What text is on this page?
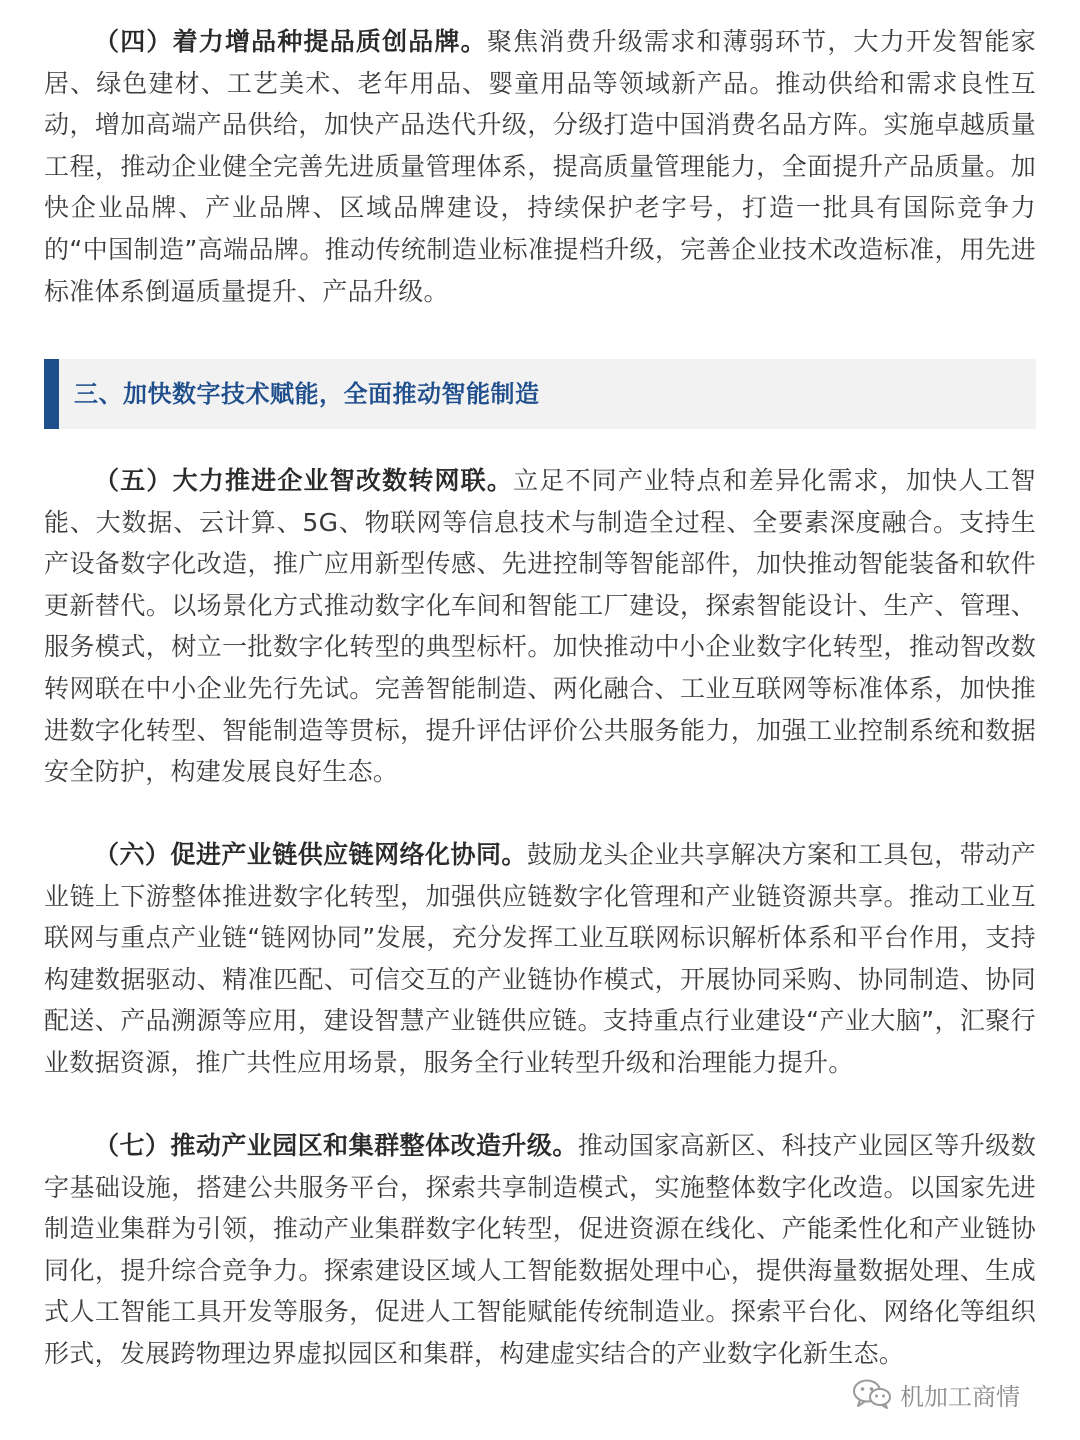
（四）着力增品种提品质创品牌。聚焦消费升级需求和薄弱环节，大力开发智能家居、绿色建材、工艺美术、老年用品、婴童用品等领域新产品。推动供给和需求良性互动，增加高端产品供给，加快产品迭代升级，分级打造中国消费名品方阵。实施卓越质量工程，推动企业健全完善先进质量管理体系，提高质量管理能力，全面提升产品质量。加快企业品牌、产业品牌、区域品牌建设，持续保护老字号，打造一批具有国际竞争力的“中国制造”高端品牌。推动传统制造业标准提档升级，完善企业技术改造标准，用先进标准体系倒逼质量提升、产品升级。

三、加快数字技术赋能，全面推动智能制造

（五）大力推进企业智改数转网联。立足不同产业特点和差异化需求，加快人工智能、大数据、云计算、5G、物联网等信息技术与制造全过程、全要素深度融合。支持生产设备数字化改造，推广应用新型传感、先进控制等智能部件，加快推动智能装备和软件更新替代。以场景化方式推动数字化车间和智能工厂建设，探索智能设计、生产、管理、服务模式，树立一批数字化转型的典型标杆。加快推动中小企业数字化转型，推动智改数转网联在中小企业先行先试。完善智能制造、两化融合、工业互联网等标准体系，加快推进数字化转型、智能制造等贯标，提升评估评价公共服务能力，加强工业控制系统和数据安全防护，构建发展良好生态。

（六）促进产业链供应链网络化协同。鼓励龙头企业共享解决方案和工具包，带动产业链上下游整体推进数字化转型，加强供应链数字化管理和产业链资源共享。推动工业互联网与重点产业链“链网协同”发展，充分发挥工业互联网标识解析体系和平台作用，支持构建数据驱动、精准匹配、可信交互的产业链协作模式，开展协同采购、协同制造、协同配送、产品溯源等应用，建设智慧产业链供应链。支持重点行业建设“产业大脑”，汇聚行业数据资源，推广共性应用场景，服务全行业转型升级和治理能力提升。

（七）推动产业园区和集群整体改造升级。推动国家高新区、科技产业园区等升级数字基础设施，搭建公共服务平台，探索共享制造模式，实施整体数字化改造。以国家先进制造业集群为引领，推动产业集群数字化转型，促进资源在线化、产能柔性化和产业链协同化，提升综合竞争力。探索建设区域人工智能数据处理中心，提供海量数据处理、生成式人工智能工具开发等服务，促进人工智能赋能传统制造业。探索平台化、网络化等组织形式，发展跨物理边界虚拟园区和集群，构建虚实结合的产业数字化新生态。

机加工商情
